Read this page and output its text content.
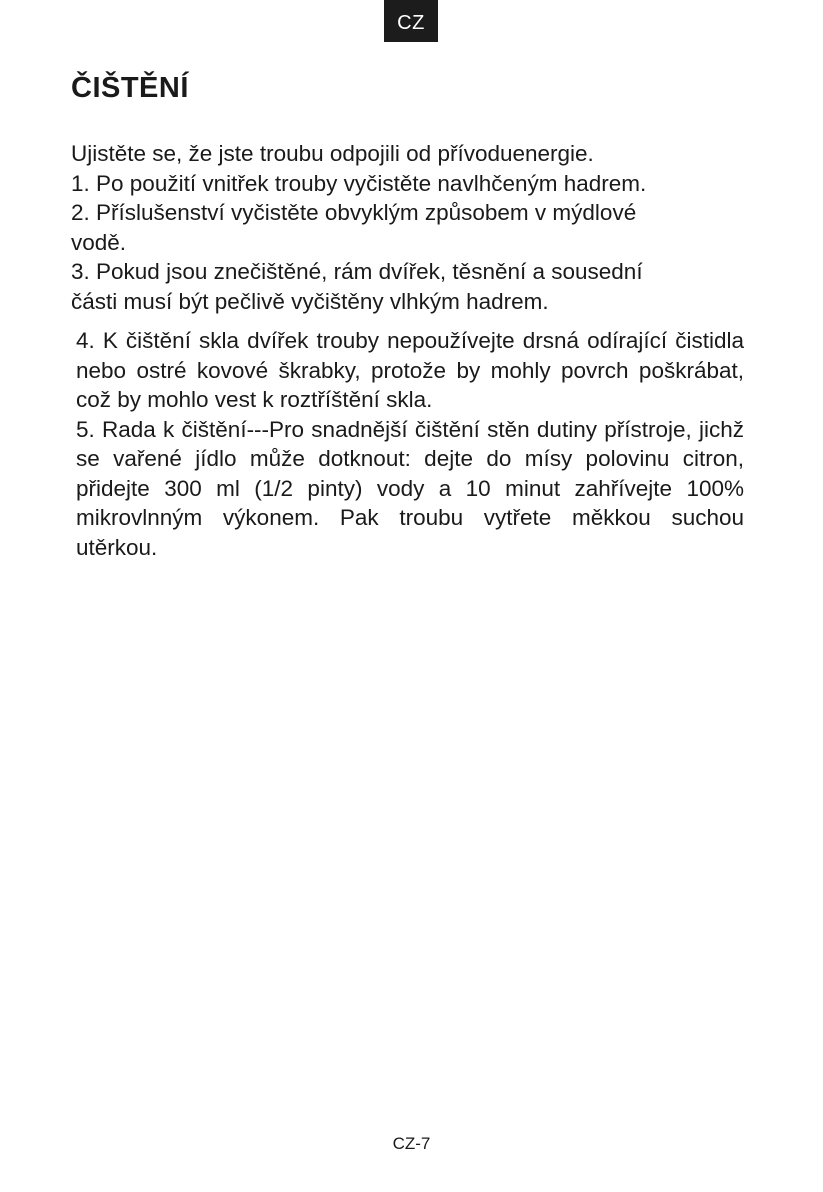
CZ
ČIŠTĚNÍ

Ujistěte se, že jste troubu odpojili od přívoduenergie.

1. Po použití vnitřek trouby vyčistěte navlhčeným hadrem.

2. Příslušenství vyčistěte obvyklým způsobem v mýdlové

vodě.

3. Pokud jsou znečištěné, rám dvířek, těsnění a sousední

části musí být pečlivě vyčištěny vlhkým hadrem.

4. K čištění skla dvířek trouby nepoužívejte drsná odírající čistidla nebo ostré kovové škrabky, protože by mohly povrch poškrábat, což by mohlo vest k roztříštění skla.

5. Rada k čištění---Pro snadnější čištění stěn dutiny přístroje, jichž se vařené jídlo může dotknout: dejte do mísy polovinu citron, přidejte 300 ml (1/2 pinty) vody a 10 minut zahřívejte 100% mikrovlnným výkonem. Pak troubu vytřete měkkou suchou utěrkou.

CZ-7
